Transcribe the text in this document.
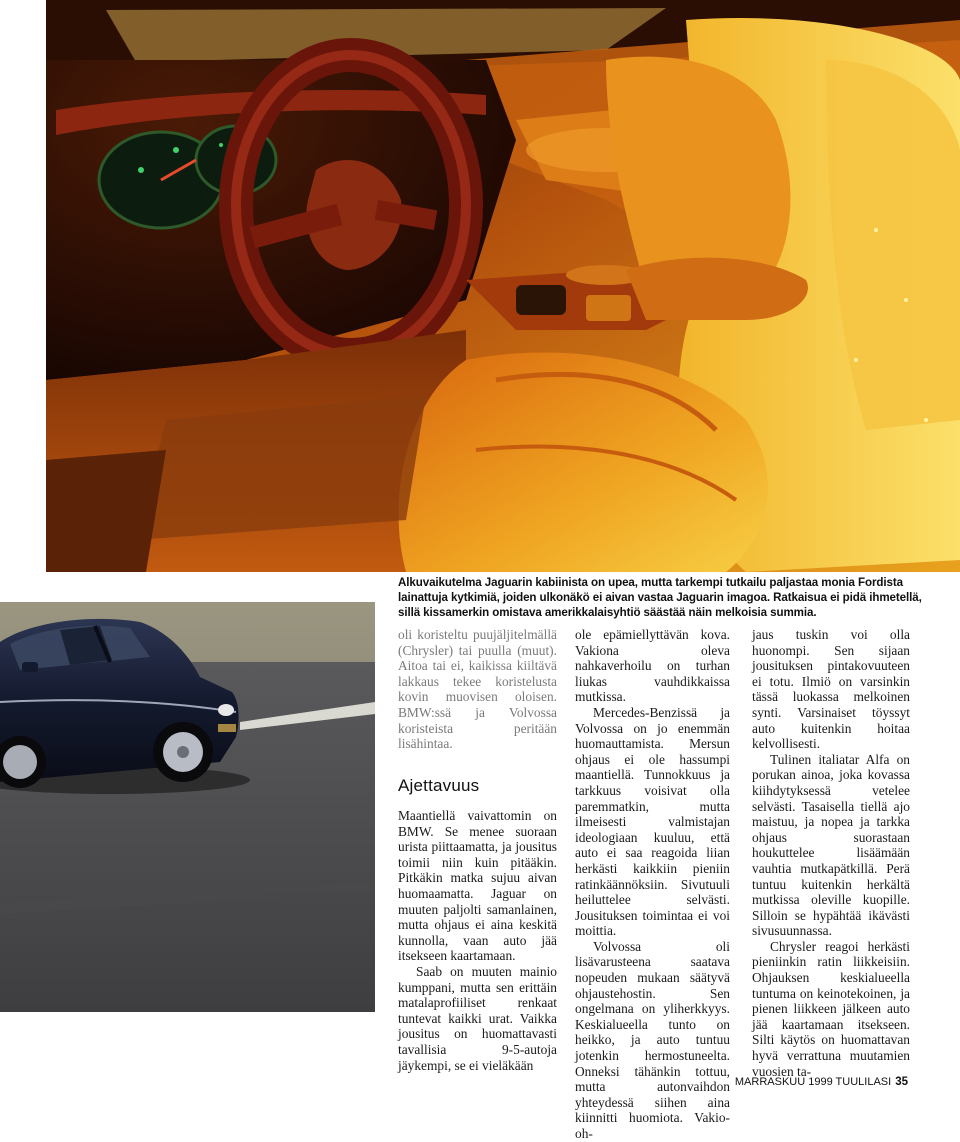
Alkuvaikutelma Jaguarin kabiinista on upea, mutta tarkempi tutkailu paljastaa monia Fordista lainattuja kytkimiä, joiden ulkonäkö ei aivan vastaa Jaguarin imagoa. Ratkaisua ei pidä ihmetellä, sillä kissamerkin omistava amerikkalaisyhtiö säästää näin melkoisia summia.
oli koristeltu puujäljitelmällä (Chrysler) tai puulla (muut). Aitoa tai ei, kaikissa kiiltävä lakkaus tekee koristelusta kovin muovisen oloisen. BMW:ssä ja Volvossa koristeista peritään lisähintaa.
Ajettavuus

Maantiellä vaivattomin on BMW. Se menee suoraan urista piittaamatta, ja jousitus toimii niin kuin pitääkin. Pitkäkin matka sujuu aivan huomaamatta. Jaguar on muuten paljolti samanlainen, mutta ohjaus ei aina keskitä kunnolla, vaan auto jää itsekseen kaartamaan.

Saab on muuten mainio kumppani, mutta sen erittäin matalaprofiiliset renkaat tuntevat kaikki urat. Vaikka jousitus on huomattavasti tavallisia 9-5-autoja jäykempi, se ei vieläkään

ole epämiellyttävän kova. Vakiona oleva nahkaverhoilu on turhan liukas vauhdikkaissa mutkissa.

Mercedes-Benzissä ja Volvossa on jo enemmän huomauttamista. Mersun ohjaus ei ole hassumpi maantiellä. Tunnokkuus ja tarkkuus voisivat olla paremmatkin, mutta ilmeisesti valmistajan ideologiaan kuuluu, että auto ei saa reagoida liian herkästi kaikkiin pieniin ratinkäännöksiin. Sivutuuli heiluttelee selvästi. Jousituksen toimintaa ei voi moittia.

Volvossa oli lisävarusteena saatava nopeuden mukaan säätyvä ohjaustehostin. Sen ongelmana on yliherkkyys. Keskialueella tunto on heikko, ja auto tuntuu jotenkin hermostuneelta. Onneksi tähänkin tottuu, mutta autonvaihdon yhteydessä siihen aina kiinnitti huomiota. Vakio-oh-

jaus tuskin voi olla huonompi. Sen sijaan jousituksen pintakovuuteen ei totu. Ilmiö on varsinkin tässä luokassa melkoinen synti. Varsinaiset töyssyt auto kuitenkin hoitaa kelvollisesti.

Tulinen italiatar Alfa on porukan ainoa, joka kovassa kiihdytyksessä vetelee selvästi. Tasaisella tiellä ajo maistuu, ja nopea ja tarkka ohjaus suorastaan houkuttelee lisäämään vauhtia mutkapätkillä. Perä tuntuu kuitenkin herkältä mutkissa oleville kuopille. Silloin se hypähtää ikävästi sivusuunnassa.

Chrysler reagoi herkästi pieniinkin ratin liikkeisiin. Ohjauksen keskialueella tuntuma on keinotekoinen, ja pienen liikkeen jälkeen auto jää kaartamaan itsekseen. Silti käytös on huomattavan hyvä verrattuna muutamien vuosien ta-

MARRASKUU 1999 TUULILASI 35
